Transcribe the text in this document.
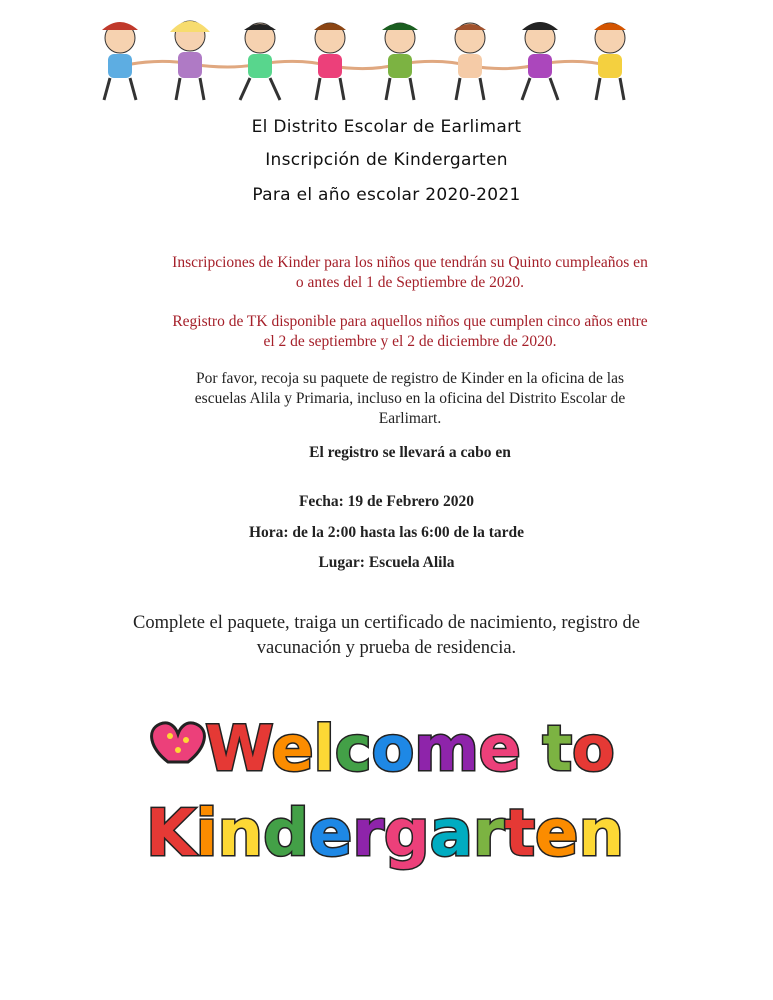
El Distrito Escolar de Earlimart
Inscripción de Kindergarten
Para el año escolar 2020-2021
Inscripciones de Kinder para los niños que tendrán su Quinto cumpleaños en
o antes del 1 de Septiembre de 2020.
Registro de TK disponible para aquellos niños que cumplen cinco años entre
el 2 de septiembre y el 2 de diciembre de 2020.
Por favor, recoja su paquete de registro de Kinder en la oficina de las
escuelas Alila y Primaria, incluso en la oficina del Distrito Escolar de
Earlimart.
El registro se llevará a cabo en
Fecha: 19 de Febrero 2020
Hora: de la 2:00 hasta las 6:00 de la tarde
Lugar: Escuela Alila
Complete el paquete, traiga un certificado de nacimiento, registro de
vacunación y prueba de residencia.
Welcome to
Kindergarten
